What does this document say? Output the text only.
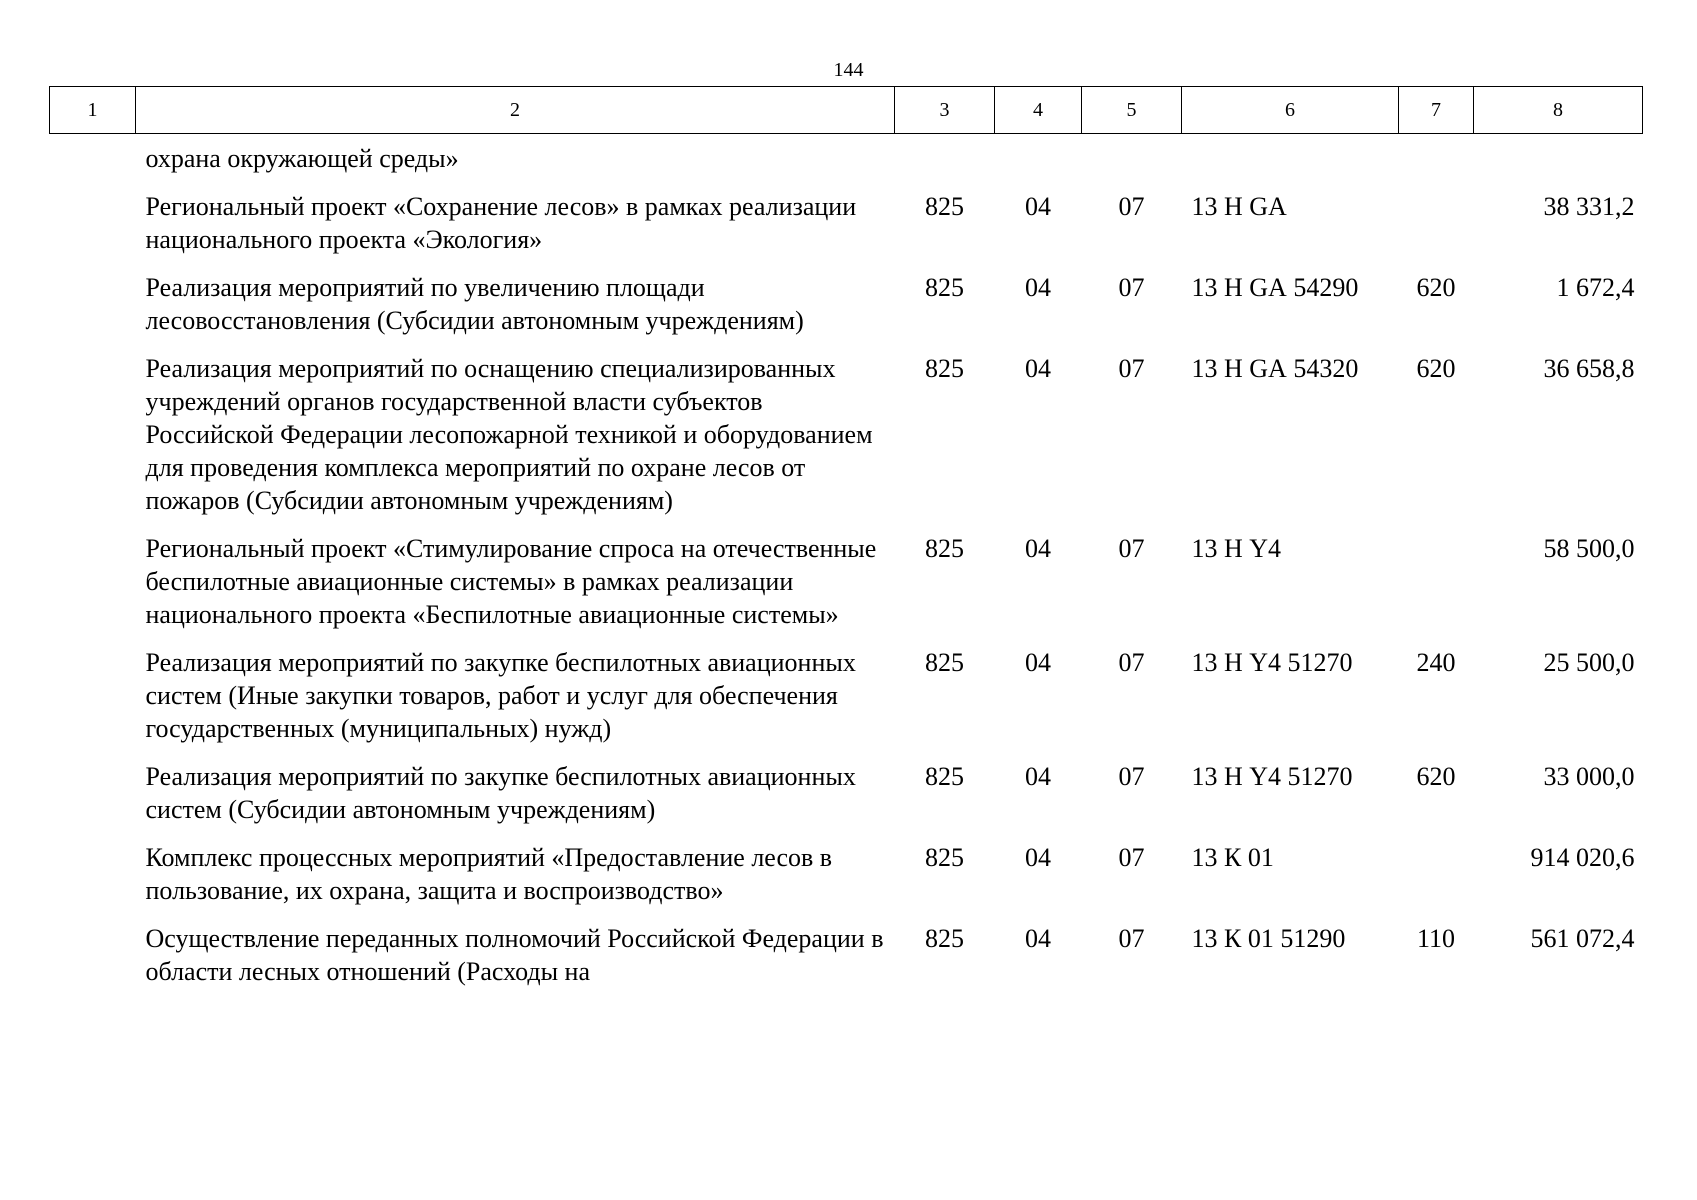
144
1	2	3	4	5	6	7	8
	охрана окружающей среды»						
	Региональный проект «Сохранение лесов» в рамках реализации национального проекта «Экология»	825	04	07	13 Н GА		38 331,2
	Реализация мероприятий по увеличению площади лесовосстановления (Субсидии автономным учреждениям)	825	04	07	13 Н GА 54290	620	1 672,4
	Реализация мероприятий по оснащению специализированных учреждений органов государственной власти субъектов Российской Федерации лесопожарной техникой и оборудованием для проведения комплекса мероприятий по охране лесов от пожаров (Субсидии автономным учреждениям)	825	04	07	13 Н GА 54320	620	36 658,8
	Региональный проект «Стимулирование спроса на отечественные беспилотные авиационные системы» в рамках реализации национального проекта «Беспилотные авиационные системы»	825	04	07	13 Н Y4		58 500,0
	Реализация мероприятий по закупке беспилотных авиационных систем (Иные закупки товаров, работ и услуг для обеспечения государственных (муниципальных) нужд)	825	04	07	13 Н Y4 51270	240	25 500,0
	Реализация мероприятий по закупке беспилотных авиационных систем (Субсидии автономным учреждениям)	825	04	07	13 Н Y4 51270	620	33 000,0
	Комплекс процессных мероприятий «Предоставление лесов в пользование, их охрана, защита и воспроизводство»	825	04	07	13 К 01		914 020,6
	Осуществление переданных полномочий Российской Федерации в области лесных отношений (Расходы на	825	04	07	13 К 01 51290	110	561 072,4
